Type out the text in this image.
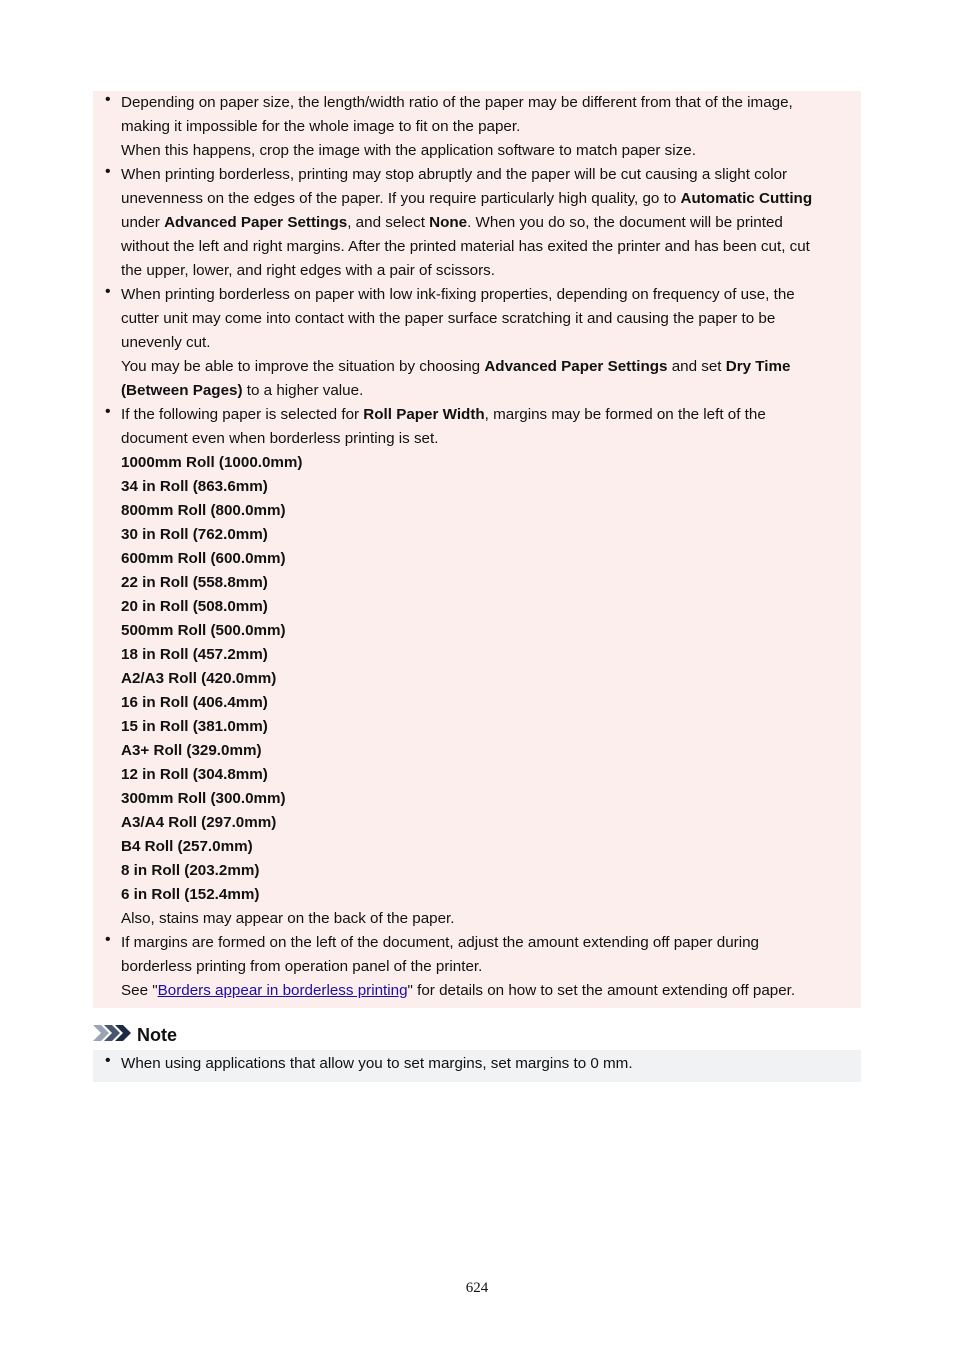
• Depending on paper size, the length/width ratio of the paper may be different from that of the image,
making it impossible for the whole image to fit on the paper.
When this happens, crop the image with the application software to match paper size.
• When printing borderless, printing may stop abruptly and the paper will be cut causing a slight color
unevenness on the edges of the paper. If you require particularly high quality, go to Automatic Cutting
under Advanced Paper Settings, and select None. When you do so, the document will be printed
without the left and right margins. After the printed material has exited the printer and has been cut, cut
the upper, lower, and right edges with a pair of scissors.
• When printing borderless on paper with low ink-fixing properties, depending on frequency of use, the
cutter unit may come into contact with the paper surface scratching it and causing the paper to be
unevenly cut.
You may be able to improve the situation by choosing Advanced Paper Settings and set Dry Time
(Between Pages) to a higher value.
• If the following paper is selected for Roll Paper Width, margins may be formed on the left of the
document even when borderless printing is set.
1000mm Roll (1000.0mm)
34 in Roll (863.6mm)
800mm Roll (800.0mm)
30 in Roll (762.0mm)
600mm Roll (600.0mm)
22 in Roll (558.8mm)
20 in Roll (508.0mm)
500mm Roll (500.0mm)
18 in Roll (457.2mm)
A2/A3 Roll (420.0mm)
16 in Roll (406.4mm)
15 in Roll (381.0mm)
A3+ Roll (329.0mm)
12 in Roll (304.8mm)
300mm Roll (300.0mm)
A3/A4 Roll (297.0mm)
B4 Roll (257.0mm)
8 in Roll (203.2mm)
6 in Roll (152.4mm)
Also, stains may appear on the back of the paper.
• If margins are formed on the left of the document, adjust the amount extending off paper during
borderless printing from operation panel of the printer.
See "Borders appear in borderless printing" for details on how to set the amount extending off paper.
Note
• When using applications that allow you to set margins, set margins to 0 mm.
624
